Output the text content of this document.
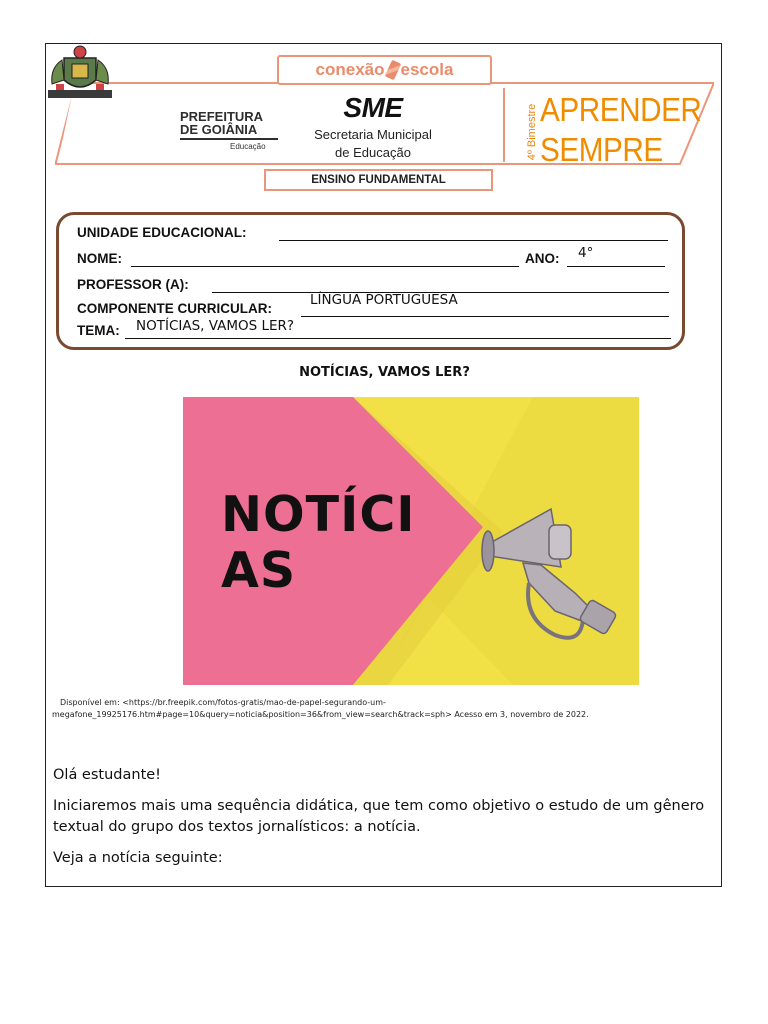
conexão escola
PREFEITURA
DE GOIÂNIA
Educação
SME
Secretaria Municipal
de Educação
ENSINO FUNDAMENTAL
4º Bimestre APRENDER
SEMPRE
UNIDADE EDUCACIONAL:
NOME:	ANO: 4°
PROFESSOR (A):
COMPONENTE CURRICULAR:
LÍNGUA PORTUGUESA
TEMA: NOTÍCIAS, VAMOS LER?
NOTÍCIAS, VAMOS LER?
NOTÍCIAS
Disponível em: <https://br.freepik.com/fotos-gratis/mao-de-papel-segurando-um-
megafone_19925176.htm#page=10&query=noticia&position=36&from_view=search&track=sph> Acesso em 3, novembro de 2022.
Olá estudante!
Iniciaremos mais uma sequência didática, que tem como objetivo o estudo de um gênero textual do grupo dos textos jornalísticos: a notícia.
Veja a notícia seguinte:
